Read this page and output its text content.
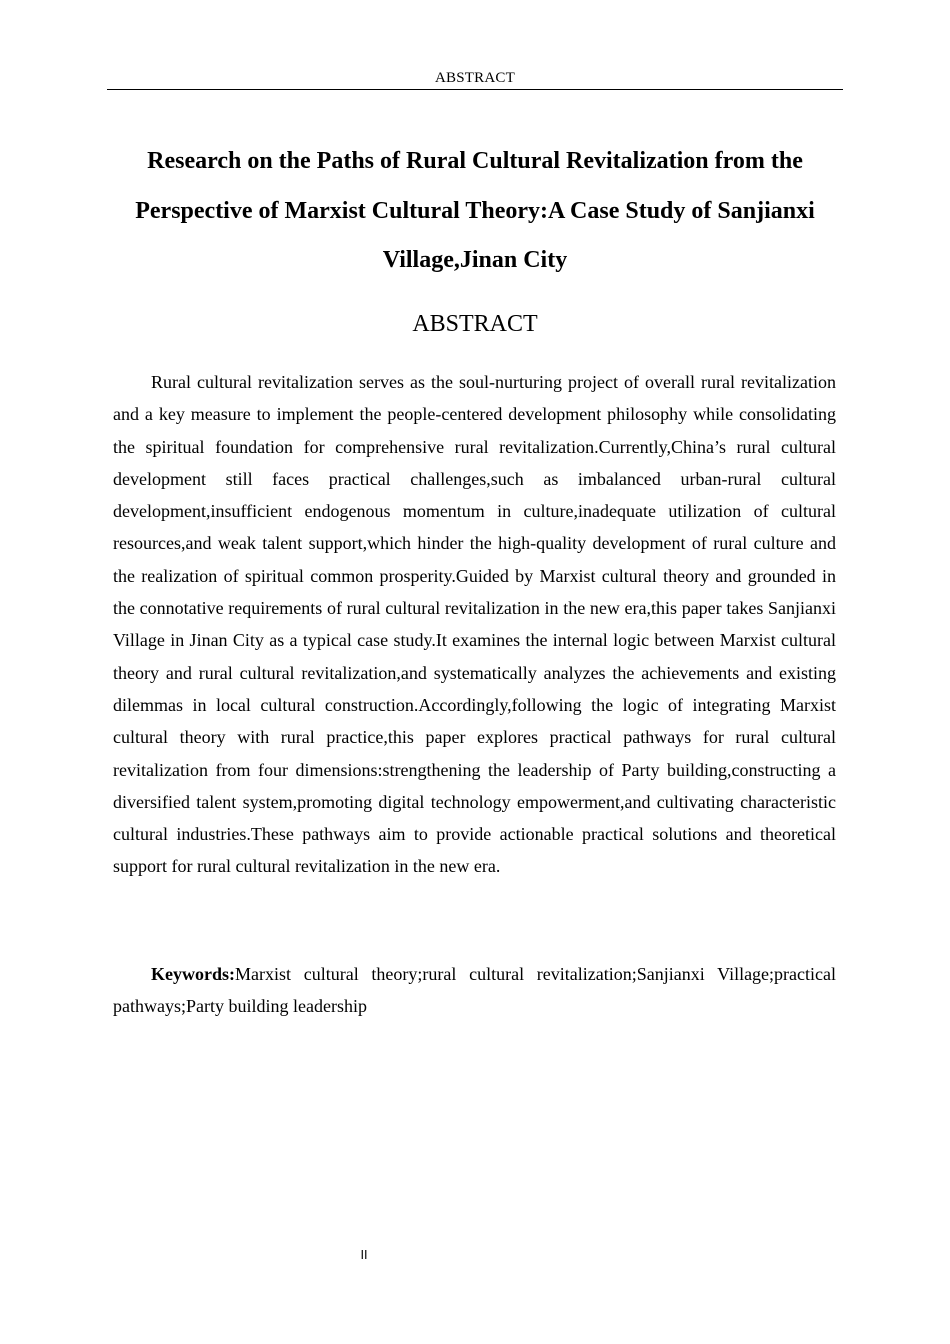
ABSTRACT
Research on the Paths of Rural Cultural Revitalization from the Perspective of Marxist Cultural Theory:A Case Study of Sanjianxi Village,Jinan City
ABSTRACT

Rural cultural revitalization serves as the soul-nurturing project of overall rural revitalization and a key measure to implement the people-centered development philosophy while consolidating the spiritual foundation for comprehensive rural revitalization.Currently,China’s rural cultural development still faces practical challenges,such as imbalanced urban-rural cultural development,insufficient endogenous momentum in culture,inadequate utilization of cultural resources,and weak talent support,which hinder the high-quality development of rural culture and the realization of spiritual common prosperity.Guided by Marxist cultural theory and grounded in the connotative requirements of rural cultural revitalization in the new era,this paper takes Sanjianxi Village in Jinan City as a typical case study.It examines the internal logic between Marxist cultural theory and rural cultural revitalization,and systematically analyzes the achievements and existing dilemmas in local cultural construction.Accordingly,following the logic of integrating Marxist cultural theory with rural practice,this paper explores practical pathways for rural cultural revitalization from four dimensions:strengthening the leadership of Party building,constructing a diversified talent system,promoting digital technology empowerment,and cultivating characteristic cultural industries.These pathways aim to provide actionable practical solutions and theoretical support for rural cultural revitalization in the new era.

Keywords:Marxist cultural theory;rural cultural revitalization;Sanjianxi Village;practical pathways;Party building leadership

II
